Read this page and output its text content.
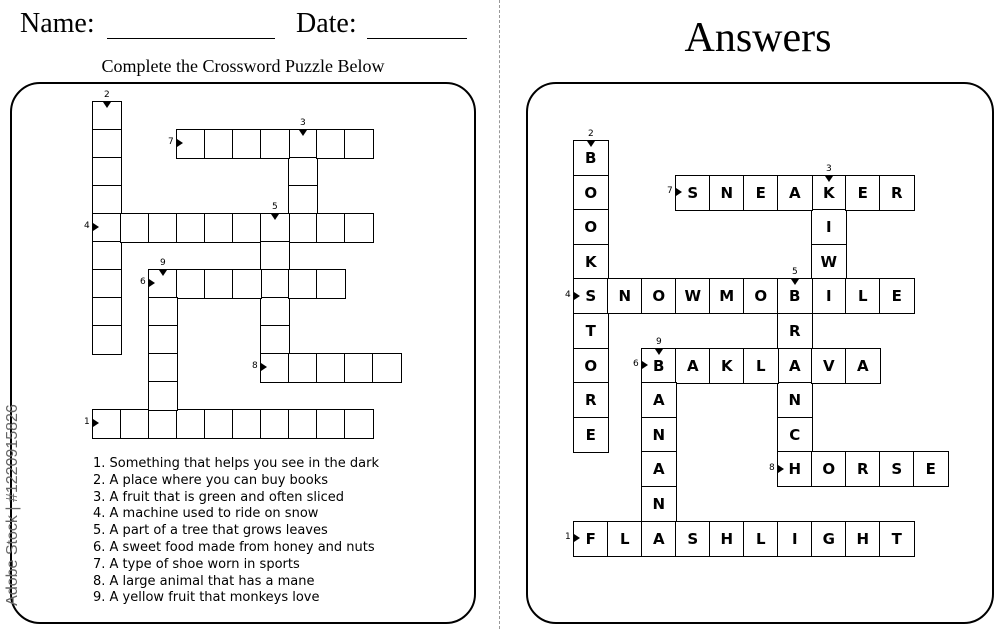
Name:	Date:
Complete the Crossword Puzzle Below
Answers
1
2
3
4
5
6
7
8
9
F	L	A	S	H	L	I	G	H	T
B
O
O
K
S
T
O
R
E
K
I
W
I
N	O	W	M	O	B	L	E
R
A
N
C
H
B	A	K	L	V	A
S	N	E	A	E	R
O	R	S	E
A
N
A
N
1
2
3
4
5
6
7
8
9
1. Something that helps you see in the dark
2. A place where you can buy books
3. A fruit that is green and often sliced
4. A machine used to ride on snow
5. A part of a tree that grows leaves
6. A sweet food made from honey and nuts
7. A type of shoe worn in sports
8. A large animal that has a mane
9. A yellow fruit that monkeys love
Adobe Stock | #1220915826
